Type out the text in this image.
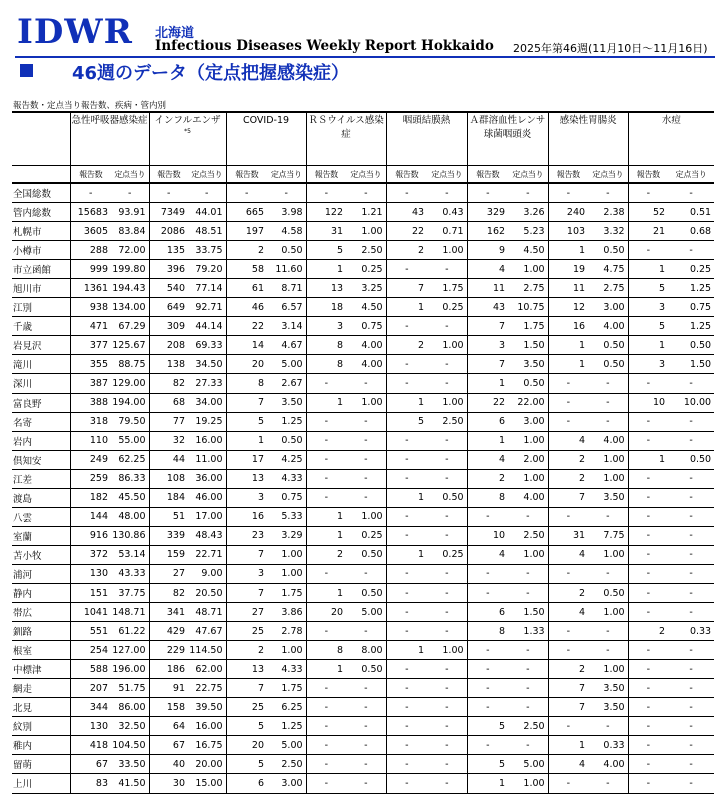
IDWR 北海道
Infectious Diseases Weekly Report Hokkaido 2025年第46週(11月10日～11月16日)
46週のデータ（定点把握感染症）
報告数・定点当り報告数、疾病・管内別
	急性呼吸器感染症		インフルエンザ
*5		COVID-19		ＲＳウイルス感染症		咽頭結膜熱		Ａ群溶血性レンサ球菌咽頭炎		感染性胃腸炎		水痘	
	報告数	定点当り	報告数	定点当り	報告数	定点当り	報告数	定点当り	報告数	定点当り	報告数	定点当り	報告数	定点当り	報告数	定点当り
全国総数	-	-	-	-	-	-	-	-	-	-	-	-	-	-	-	-
管内総数	15683	93.91	7349	44.01	665	3.98	122	1.21	43	0.43	329	3.26	240	2.38	52	0.51
札幌市	3605	83.84	2086	48.51	197	4.58	31	1.00	22	0.71	162	5.23	103	3.32	21	0.68
小樽市	288	72.00	135	33.75	2	0.50	5	2.50	2	1.00	9	4.50	1	0.50	-	-
市立函館	999	199.80	396	79.20	58	11.60	1	0.25	-	-	4	1.00	19	4.75	1	0.25
旭川市	1361	194.43	540	77.14	61	8.71	13	3.25	7	1.75	11	2.75	11	2.75	5	1.25
江別	938	134.00	649	92.71	46	6.57	18	4.50	1	0.25	43	10.75	12	3.00	3	0.75
千歳	471	67.29	309	44.14	22	3.14	3	0.75	-	-	7	1.75	16	4.00	5	1.25
岩見沢	377	125.67	208	69.33	14	4.67	8	4.00	2	1.00	3	1.50	1	0.50	1	0.50
滝川	355	88.75	138	34.50	20	5.00	8	4.00	-	-	7	3.50	1	0.50	3	1.50
深川	387	129.00	82	27.33	8	2.67	-	-	-	-	1	0.50	-	-	-	-
富良野	388	194.00	68	34.00	7	3.50	1	1.00	1	1.00	22	22.00	-	-	10	10.00
名寄	318	79.50	77	19.25	5	1.25	-	-	5	2.50	6	3.00	-	-	-	-
岩内	110	55.00	32	16.00	1	0.50	-	-	-	-	1	1.00	4	4.00	-	-
倶知安	249	62.25	44	11.00	17	4.25	-	-	-	-	4	2.00	2	1.00	1	0.50
江差	259	86.33	108	36.00	13	4.33	-	-	-	-	2	1.00	2	1.00	-	-
渡島	182	45.50	184	46.00	3	0.75	-	-	1	0.50	8	4.00	7	3.50	-	-
八雲	144	48.00	51	17.00	16	5.33	1	1.00	-	-	-	-	-	-	-	-
室蘭	916	130.86	339	48.43	23	3.29	1	0.25	-	-	10	2.50	31	7.75	-	-
苫小牧	372	53.14	159	22.71	7	1.00	2	0.50	1	0.25	4	1.00	4	1.00	-	-
浦河	130	43.33	27	9.00	3	1.00	-	-	-	-	-	-	-	-	-	-
静内	151	37.75	82	20.50	7	1.75	1	0.50	-	-	-	-	2	0.50	-	-
帯広	1041	148.71	341	48.71	27	3.86	20	5.00	-	-	6	1.50	4	1.00	-	-
釧路	551	61.22	429	47.67	25	2.78	-	-	-	-	8	1.33	-	-	2	0.33
根室	254	127.00	229	114.50	2	1.00	8	8.00	1	1.00	-	-	-	-	-	-
中標津	588	196.00	186	62.00	13	4.33	1	0.50	-	-	-	-	2	1.00	-	-
網走	207	51.75	91	22.75	7	1.75	-	-	-	-	-	-	7	3.50	-	-
北見	344	86.00	158	39.50	25	6.25	-	-	-	-	-	-	7	3.50	-	-
紋別	130	32.50	64	16.00	5	1.25	-	-	-	-	5	2.50	-	-	-	-
稚内	418	104.50	67	16.75	20	5.00	-	-	-	-	-	-	1	0.33	-	-
留萌	67	33.50	40	20.00	5	2.50	-	-	-	-	5	5.00	4	4.00	-	-
上川	83	41.50	30	15.00	6	3.00	-	-	-	-	1	1.00	-	-	-	-
